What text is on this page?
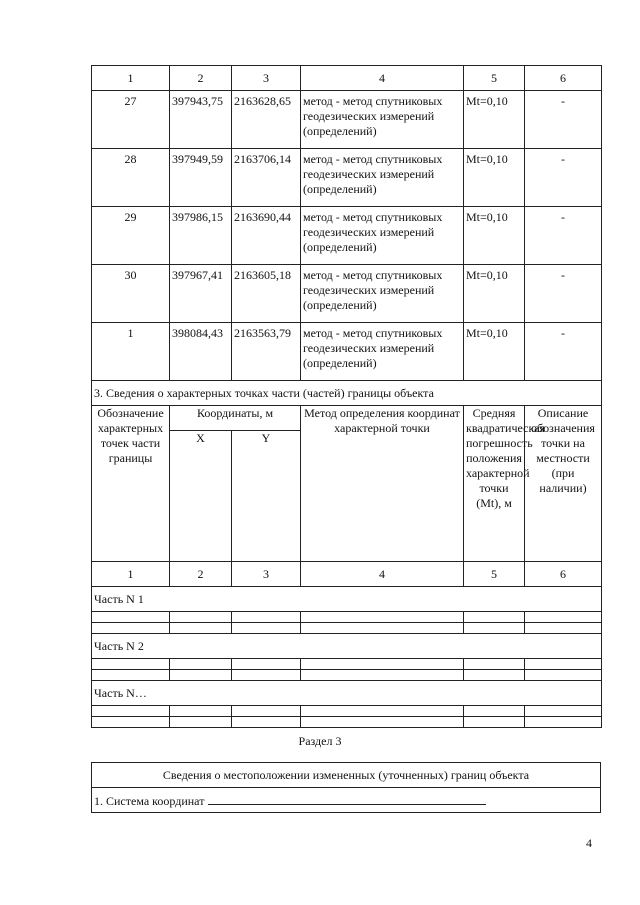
1	2	3	4	5	6
27	397943,75	2163628,65	метод - метод спутниковых геодезических измерений (определений)	Mt=0,10	-
28	397949,59	2163706,14	метод - метод спутниковых геодезических измерений (определений)	Mt=0,10	-
29	397986,15	2163690,44	метод - метод спутниковых геодезических измерений (определений)	Mt=0,10	-
30	397967,41	2163605,18	метод - метод спутниковых геодезических измерений (определений)	Mt=0,10	-
1	398084,43	2163563,79	метод - метод спутниковых геодезических измерений (определений)	Mt=0,10	-
3. Сведения о характерных точках части (частей) границы объекта					
Обозначение характерных точек части границы	Координаты, м		Метод определения координат характерной точки	Средняя квадратическая погрешность положения характерной точки (Mt), м	Описание обозначения точки на местности (при наличии)
	X	Y			
1	2	3	4	5	6
Часть N 1					

Часть N 2					

Часть N…					

Раздел 3
Сведения о местоположении измененных (уточненных) границ объекта
1. Система координат
4
